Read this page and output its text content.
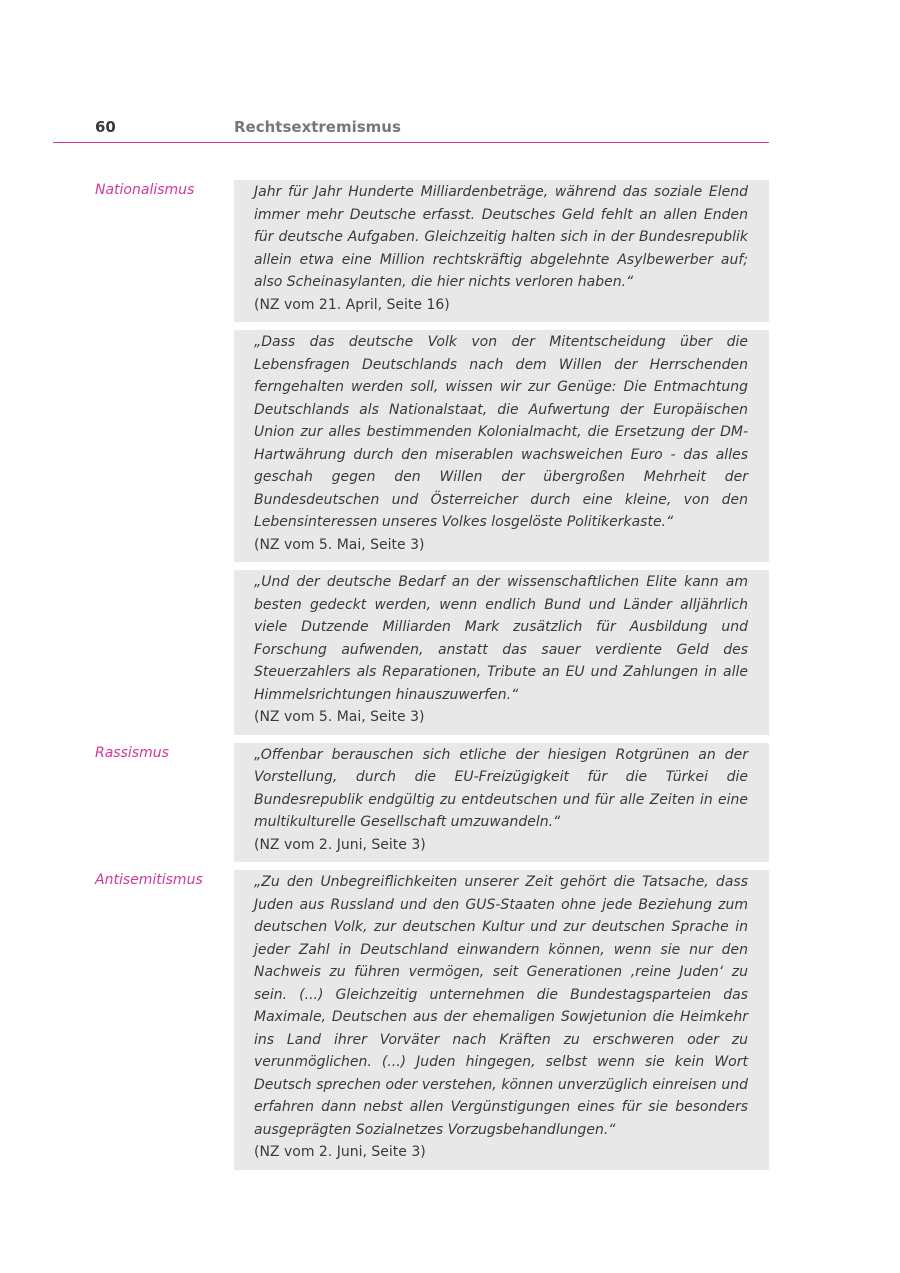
60	Rechtsextremismus
Nationalismus	Jahr für Jahr Hunderte Milliardenbeträge, während das soziale Elend immer mehr Deutsche erfasst. Deutsches Geld fehlt an allen Enden für deutsche Aufgaben. Gleichzeitig halten sich in der Bundesrepublik allein etwa eine Million rechtskräftig abgelehnte Asylbewerber auf; also Scheinasylanten, die hier nichts verloren haben.“

(NZ vom 21. April, Seite 16)

„Dass das deutsche Volk von der Mitentscheidung über die Lebensfragen Deutschlands nach dem Willen der Herrschenden ferngehalten werden soll, wissen wir zur Genüge: Die Entmachtung Deutschlands als Nationalstaat, die Aufwertung der Europäischen Union zur alles bestimmenden Kolonialmacht, die Ersetzung der DM-Hartwährung durch den miserablen wachsweichen Euro - das alles geschah gegen den Willen der übergroßen Mehrheit der Bundesdeutschen und Österreicher durch eine kleine, von den Lebensinteressen unseres Volkes losgelöste Politikerkaste.“

(NZ vom 5. Mai, Seite 3)

„Und der deutsche Bedarf an der wissenschaftlichen Elite kann am besten gedeckt werden, wenn endlich Bund und Länder alljährlich viele Dutzende Milliarden Mark zusätzlich für Ausbildung und Forschung aufwenden, anstatt das sauer verdiente Geld des Steuerzahlers als Reparationen, Tribute an EU und Zahlungen in alle Himmelsrichtungen hinauszuwerfen.“

(NZ vom 5. Mai, Seite 3)

Rassismus	„Offenbar berauschen sich etliche der hiesigen Rotgrünen an der Vorstellung, durch die EU-Freizügigkeit für die Türkei die Bundesrepublik endgültig zu entdeutschen und für alle Zeiten in eine multikulturelle Gesellschaft umzuwandeln.“

(NZ vom 2. Juni, Seite 3)

Antisemitismus	„Zu den Unbegreiflichkeiten unserer Zeit gehört die Tatsache, dass Juden aus Russland und den GUS-Staaten ohne jede Beziehung zum deutschen Volk, zur deutschen Kultur und zur deutschen Sprache in jeder Zahl in Deutschland einwandern können, wenn sie nur den Nachweis zu führen vermögen, seit Generationen ‚reine Juden‘ zu sein. (...) Gleichzeitig unternehmen die Bundestagsparteien das Maximale, Deutschen aus der ehemaligen Sowjetunion die Heimkehr ins Land ihrer Vorväter nach Kräften zu erschweren oder zu verunmöglichen. (...) Juden hingegen, selbst wenn sie kein Wort Deutsch sprechen oder verstehen, können unverzüglich einreisen und erfahren dann nebst allen Vergünstigungen eines für sie besonders ausgeprägten Sozialnetzes Vorzugsbehandlungen.“

(NZ vom 2. Juni, Seite 3)
